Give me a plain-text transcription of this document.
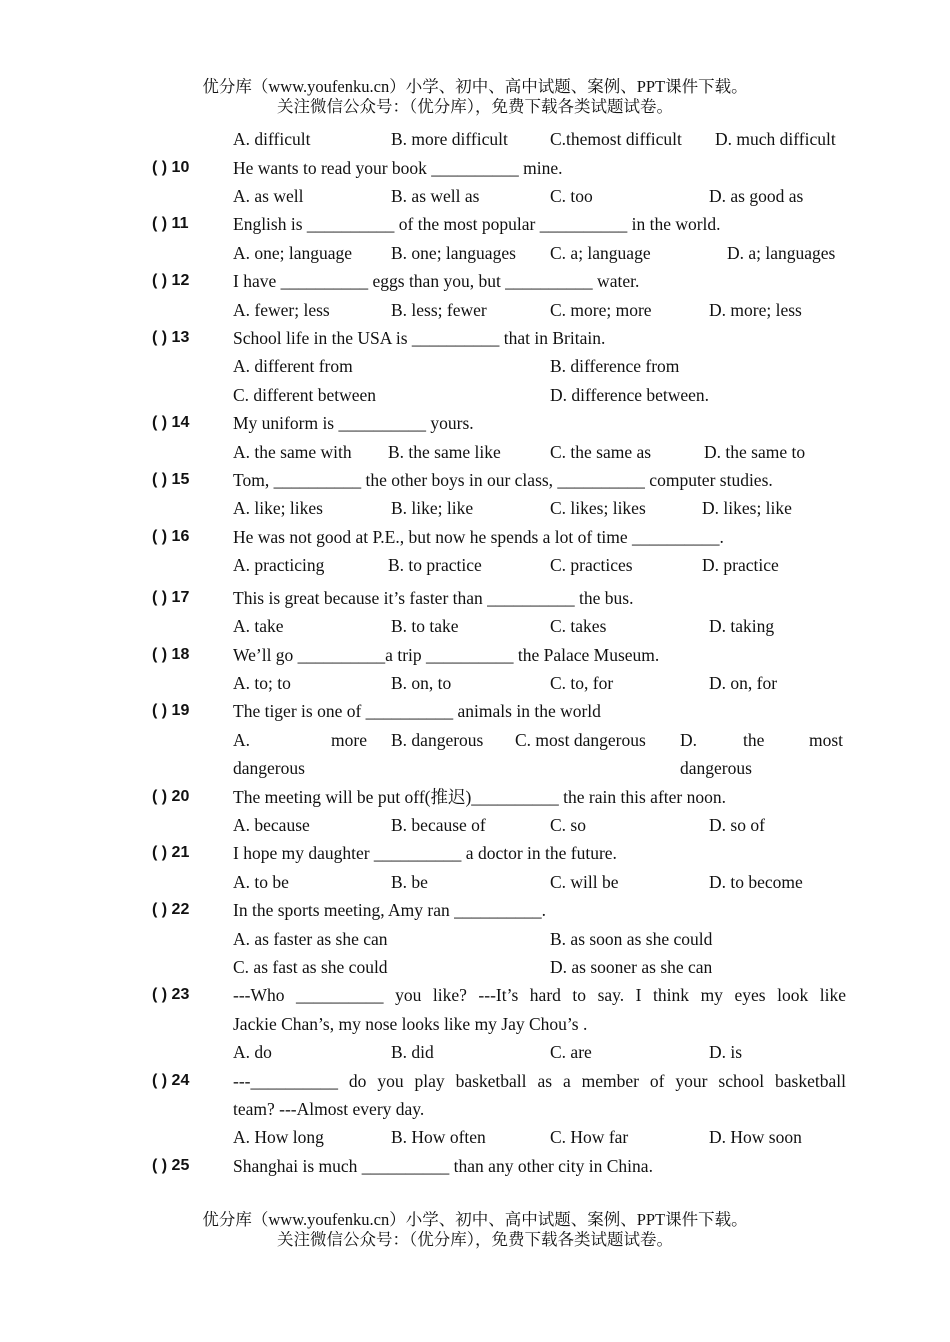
优分库（www.youfenku.cn）小学、初中、高中试题、案例、PPT课件下载。
关注微信公众号：（优分库），免费下载各类试题试卷。
A. difficult	B. more difficult C.themost difficult D. much difficult
( ) 10 He wants to read your book __________ mine.
A. as well	B. as well as	C. too	D. as good as
( ) 11	English is __________ of the most popular __________ in the world.
A. one; language B. one; languages C. a; language	D. a; languages
( ) 12 I have __________ eggs than you, but __________ water.
A. fewer; less	B. less; fewer	C. more; more	D. more; less
( ) 13 School life in the USA is __________ that in Britain.
A. different from	B. difference from
C. different between	D. difference between.
( ) 14 My uniform is __________ yours.
A. the same with B. the same like	C. the same as	D. the same to
( ) 15 Tom, __________ the other boys in our class, __________ computer studies.
A. like; likes	B. like; like	C. likes; likes	D. likes; like
( ) 16 He was not good at P.E., but now he spends a lot of time __________.
A. practicing	B. to practice	C. practices	D. practice
( ) 17 This is great because it’s faster than __________ the bus.
A. take	B. to take	C. takes	D. taking
( ) 18 We’ll go __________a trip __________ the Palace Museum.
A. to; to	B. on, to	C. to, for	D. on, for
( ) 19 The tiger is one of __________ animals in the world
A.	more B. dangerous C. most dangerous D.	the	most
dangerous	dangerous
( ) 20 The meeting will be put off(推迟)__________ the rain this after noon.
A. because	B. because of	C. so	D. so of
( ) 21 I hope my daughter __________ a doctor in the future.
A. to be	B. be	C. will be	D. to become
( ) 22 In the sports meeting, Amy ran __________.
A. as faster as she can	B. as soon as she could
C. as fast as she could	D. as sooner as she can
( ) 23 ---Who __________ you like? ---It’s hard to say. I think my eyes look like
Jackie Chan’s, my nose looks like my Jay Chou’s .
A. do	B. did	C. are	D. is
( ) 24 ---__________ do you play basketball as a member of your school basketball
team? ---Almost every day.
A. How long	B. How often	C. How far	D. How soon
( ) 25 Shanghai is much __________ than any other city in China.
优分库（www.youfenku.cn）小学、初中、高中试题、案例、PPT课件下载。
关注微信公众号：（优分库），免费下载各类试题试卷。
